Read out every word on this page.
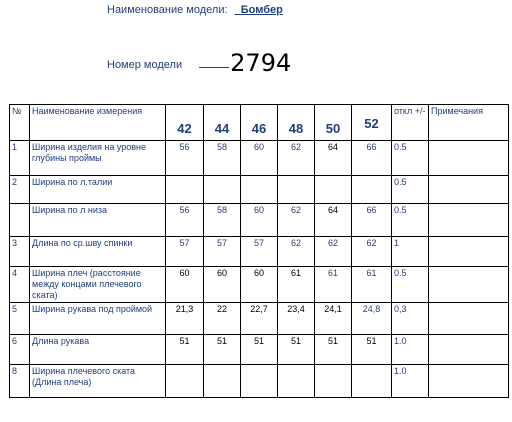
Наименование модели: _Бомбер
Номер модели 2794
№	Наименование измерения	42	44	46	48	50	52	откл +/-	Примечания
1	Ширина изделия на уровне глубины проймы	56	58	60	62	64	66	0.5	
2	Ширина по л.талии							0.5	
	Ширина по л низа	56	58	60	62	64	66	0.5	
3	Длина по ср.шву спинки	57	57	57	62	62	62	1	
4	Ширина плеч (расстояние между концами плечевого ската)	60	60	60	61	61	61	0.5	
5	Ширина рукава под проймой	21,3	22	22,7	23,4	24,1	24,8	0,3	
6	Длина рукава	51	51	51	51	51	51	1.0	
8	Ширина плечевого ската (Длина плеча)							1.0	
